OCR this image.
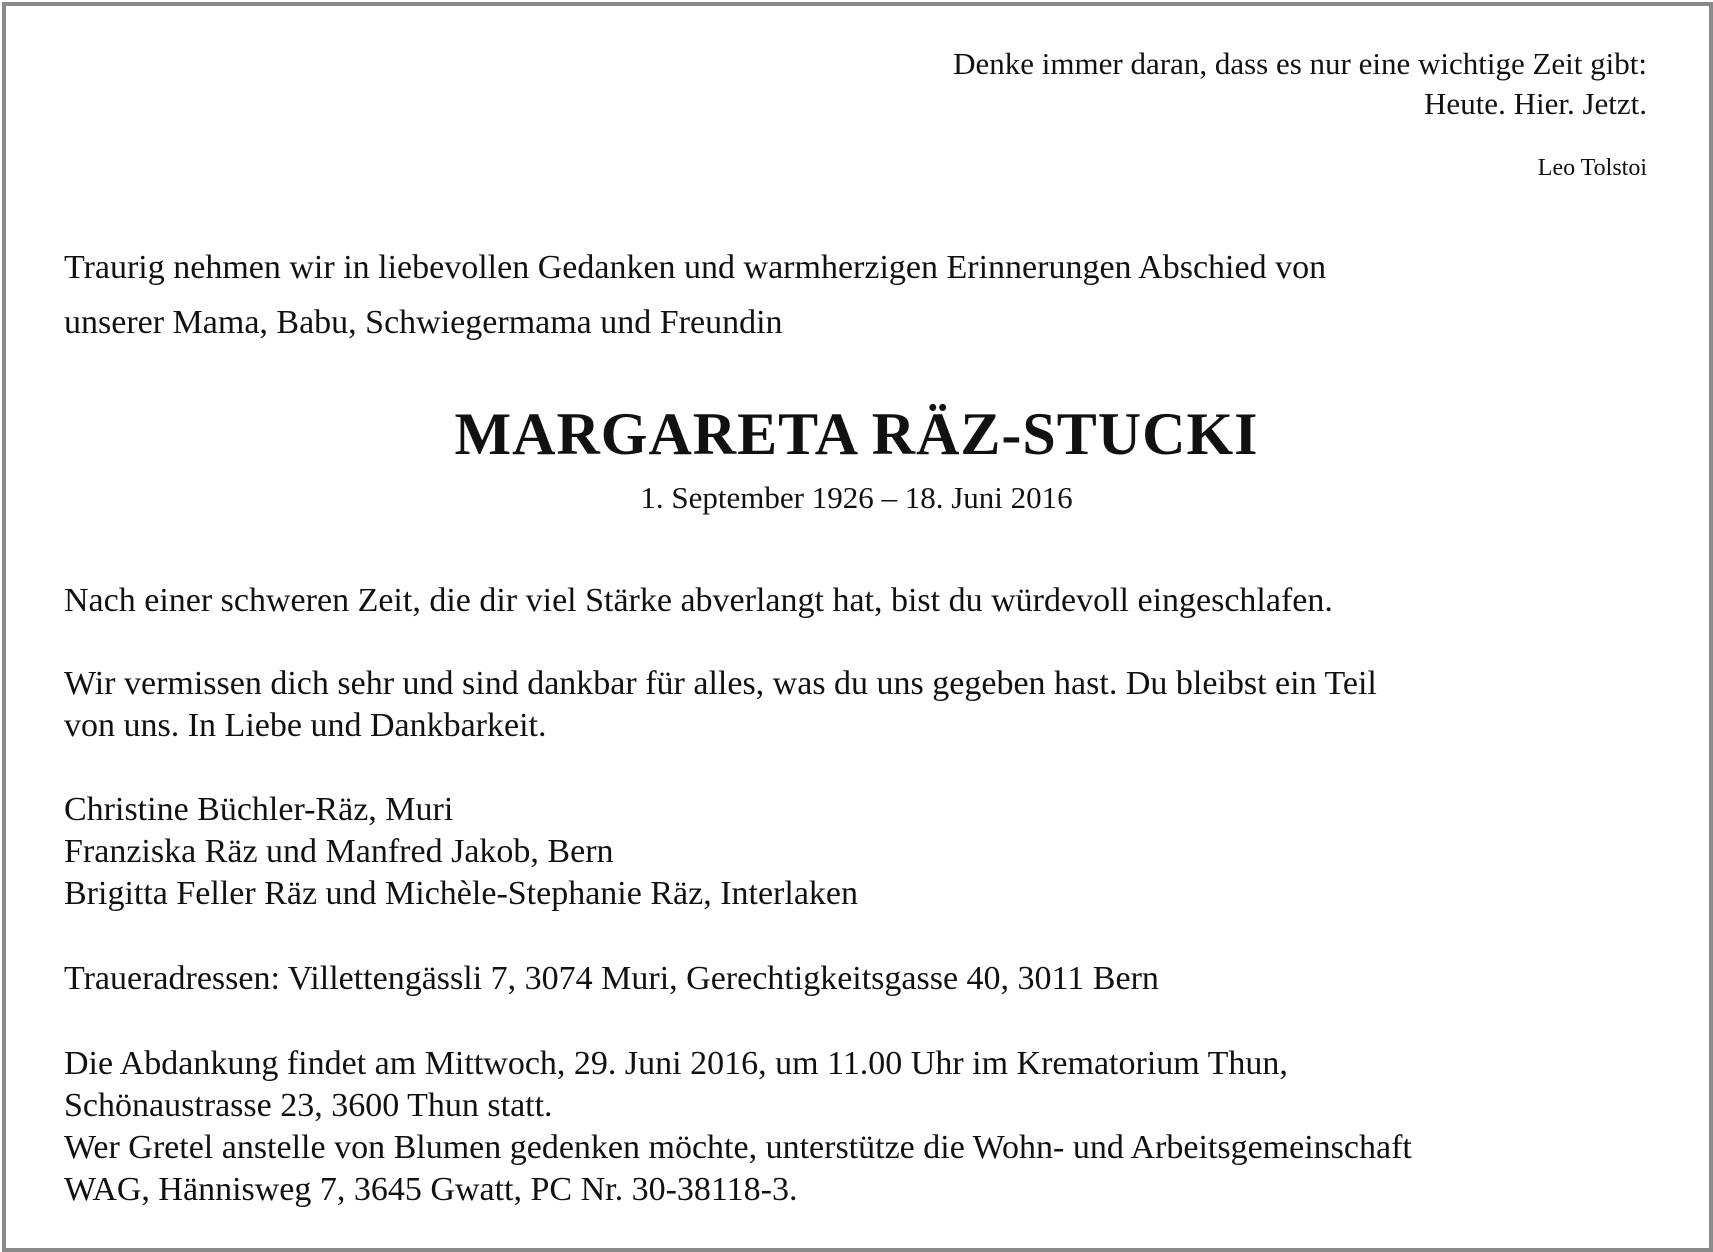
Denke immer daran, dass es nur eine wichtige Zeit gibt:
Heute. Hier. Jetzt.
Leo Tolstoi
Traurig nehmen wir in liebevollen Gedanken und warmherzigen Erinnerungen Abschied von
unserer Mama, Babu, Schwiegermama und Freundin
MARGARETA RÄZ-STUCKI
1. September 1926 – 18. Juni 2016
Nach einer schweren Zeit, die dir viel Stärke abverlangt hat, bist du würdevoll eingeschlafen.
Wir vermissen dich sehr und sind dankbar für alles, was du uns gegeben hast. Du bleibst ein Teil
von uns. In Liebe und Dankbarkeit.
Christine Büchler-Räz, Muri
Franziska Räz und Manfred Jakob, Bern
Brigitta Feller Räz und Michèle-Stephanie Räz, Interlaken
Traueradressen: Villettengässli 7, 3074 Muri, Gerechtigkeitsgasse 40, 3011 Bern
Die Abdankung findet am Mittwoch, 29. Juni 2016, um 11.00 Uhr im Krematorium Thun,
Schönaustrasse 23, 3600 Thun statt.
Wer Gretel anstelle von Blumen gedenken möchte, unterstütze die Wohn- und Arbeitsgemeinschaft
WAG, Hännisweg 7, 3645 Gwatt, PC Nr. 30-38118-3.
